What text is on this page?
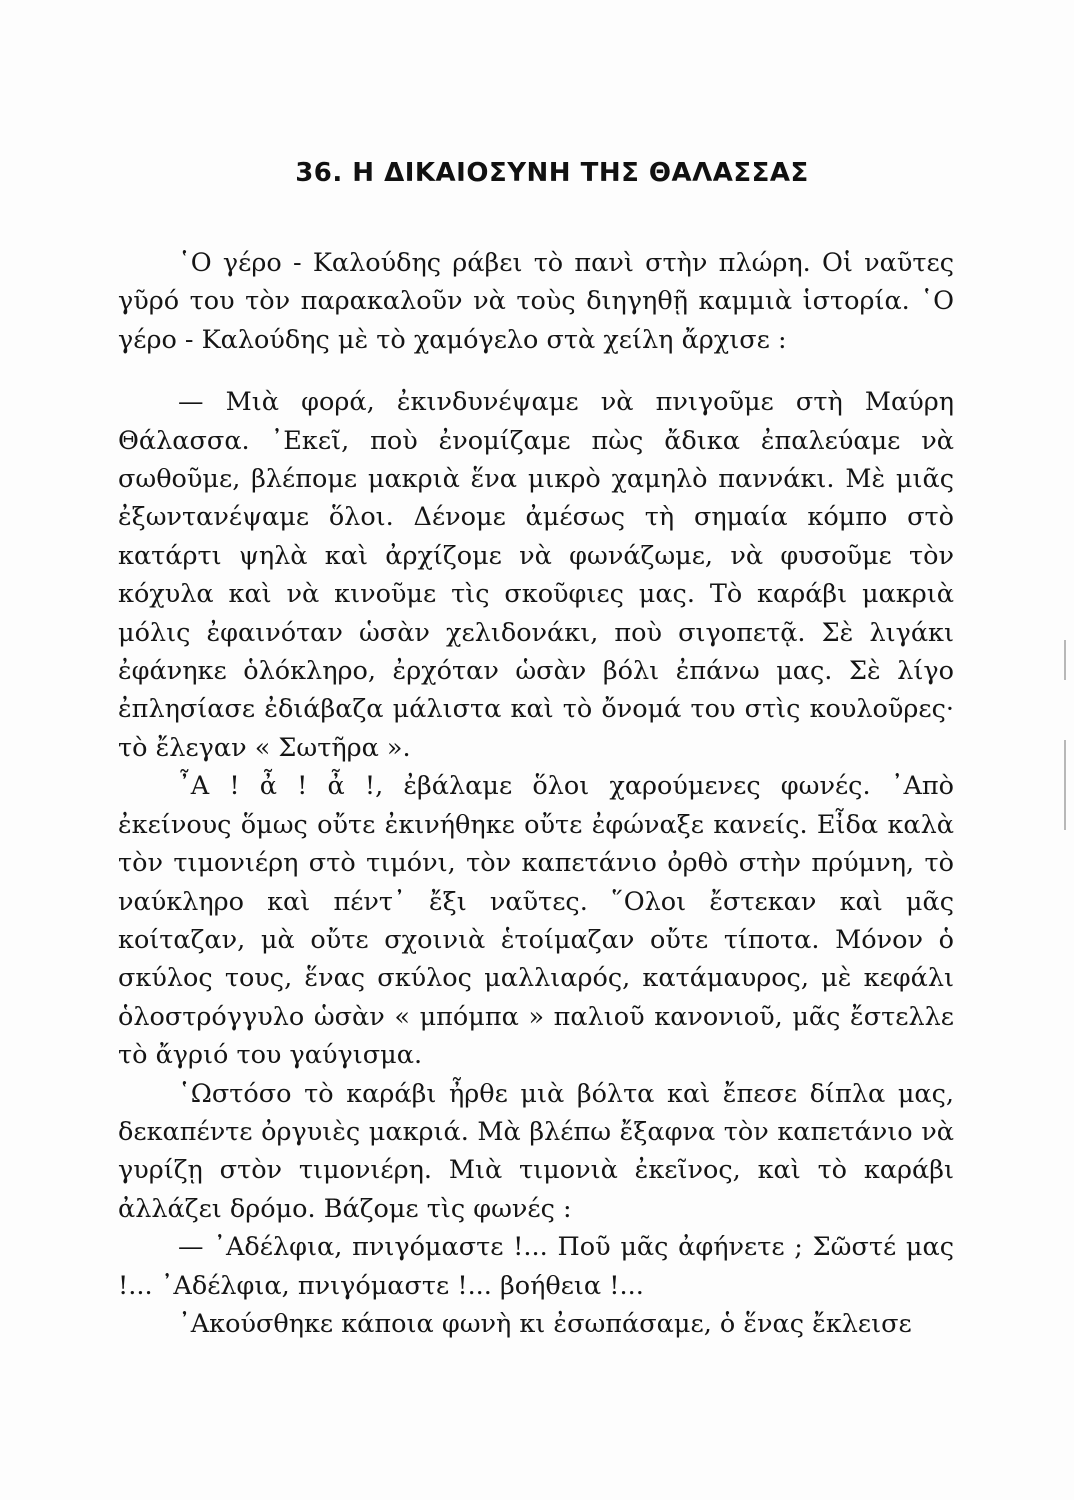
36. Η ΔΙΚΑΙΟΣΥΝΗ ΤΗΣ ΘΑΛΑΣΣΑΣ

῾Ο γέρο - Καλούδης ράβει τὸ πανὶ στὴν πλώρη. Οἱ ναῦτες γῦρό του τὸν παρακαλοῦν νὰ τοὺς διηγηθῇ καμμιὰ ἱστορία. ῾Ο γέρο - Καλούδης μὲ τὸ χαμόγελο στὰ χείλη ἄρχισε :

— Μιὰ φορά, ἐκινδυνέψαμε νὰ πνιγοῦμε στὴ Μαύρη Θάλασσα. ᾿Εκεῖ, ποὺ ἐνομίζαμε πὼς ἄδικα ἐπαλεύαμε νὰ σωθοῦμε, βλέπομε μακριὰ ἕνα μικρὸ χαμηλὸ παννάκι. Μὲ μιᾶς ἐξωντανέψαμε ὅλοι. Δένομε ἀμέσως τὴ σημαία κόμπο στὸ κατάρτι ψηλὰ καὶ ἀρχίζομε νὰ φωνάζωμε, νὰ φυσοῦμε τὸν κόχυλα καὶ νὰ κινοῦμε τὶς σκοῦφιες μας. Τὸ καράβι μακριὰ μόλις ἐφαινόταν ὡσὰν χελιδονάκι, ποὺ σιγοπετᾷ. Σὲ λιγάκι ἐφάνηκε ὁλόκληρο, ἐρχόταν ὡσὰν βόλι ἐπάνω μας. Σὲ λίγο ἐπλησίασε ἐδιάβαζα μάλιστα καὶ τὸ ὄνομά του στὶς κουλοῦρες· τὸ ἔλεγαν « Σωτῆρα ».

῏Α ! ἆ ! ἆ !, ἐβάλαμε ὅλοι χαρούμενες φωνές. ᾿Απὸ ἐκείνους ὅμως οὔτε ἐκινήθηκε οὔτε ἐφώναξε κανείς. Εἶδα καλὰ τὸν τιμονιέρη στὸ τιμόνι, τὸν καπετάνιο ὀρθὸ στὴν πρύμνη, τὸ ναύκληρο καὶ πέντ᾿ ἔξι ναῦτες. ῞Ολοι ἔστεκαν καὶ μᾶς κοίταζαν, μὰ οὔτε σχοινιὰ ἑτοίμαζαν οὔτε τίποτα. Μόνον ὁ σκύλος τους, ἕνας σκύλος μαλλιαρός, κατάμαυρος, μὲ κεφάλι ὁλοστρόγγυλο ὡσὰν « μπόμπα » παλιοῦ κανονιοῦ, μᾶς ἔστελλε τὸ ἄγριό του γαύγισμα.

῾Ωστόσο τὸ καράβι ἦρθε μιὰ βόλτα καὶ ἔπεσε δίπλα μας, δεκαπέντε ὀργυιὲς μακριά. Μὰ βλέπω ἔξαφνα τὸν καπετάνιο νὰ γυρίζῃ στὸν τιμονιέρη. Μιὰ τιμονιὰ ἐκεῖνος, καὶ τὸ καράβι ἀλλάζει δρόμο. Βάζομε τὶς φωνές :

— ᾿Αδέλφια, πνιγόμαστε !... Ποῦ μᾶς ἀφήνετε ; Σῶστέ μας !... ᾿Αδέλφια, πνιγόμαστε !... βοήθεια !...

᾿Ακούσθηκε κάποια φωνὴ κι ἐσωπάσαμε, ὁ ἕνας ἔκλεισε
